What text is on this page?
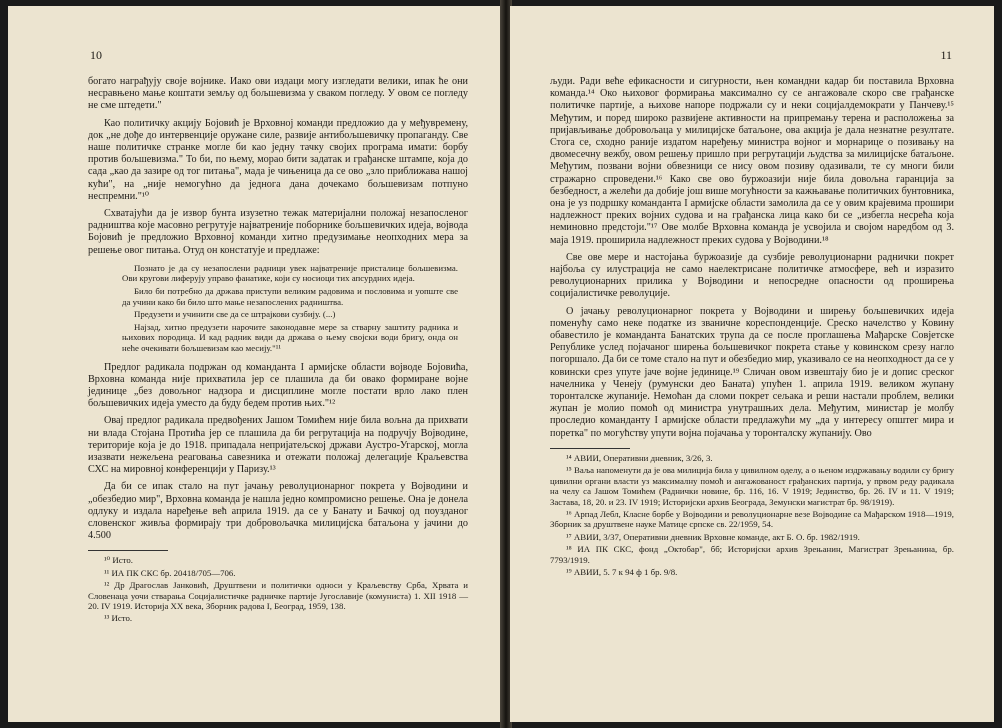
10

богато награђују своје војнике. Иако ови издаци могу изгледати велики, ипак ће они несравњено мање коштати земљу од бољшевизма у сваком погледу. У овом се погледу не сме штедети."

Као политичку акцију Бојовић је Врховној команди предложио да у међувремену, док „не дође до интервенције оружане силе, развије антибољшевичку пропаганду. Све наше политичке странке могле би као једну тачку својих програма имати: борбу против бољшевизма." То би, по њему, морао бити задатак и грађанске штампе, која до сада „као да зазире од тог питања", мада је чињеница да се ово „зло приближава нашој кући", на „није немогућно да једнога дана дочекамо бољшевизам потпуно неспремни."¹⁰

Схватајући да је извор бунта изузетно тежак материјални положај незапосленог радништва које масовно регрутује најватреније поборнике бољшевичких идеја, војвода Бојовић је предложио Врховној команди хитно предузимање неопходних мера за решење овог питања. Отуд он констатује и предлаже:

Познато је да су незапослени радници увек најватреније присталице бољшевизма. Ови кругови лиферују управо фанатике, који су носиоци тих апсурдних идеја.

Било би потребно да држава приступи великим радовима и пословима и уопште све да учини како би било што мање незапослених радништва.

Предузети и учинити све да се штрајкови сузбију. (...)

Најзад, хитно предузети нарочите законодавне мере за стварну заштиту радника и њихових породица. И кад радник види да држава о њему својски води бригу, онда он неће очекивати бољшевизам као месију."¹¹

Предлог радикала подржан од команданта I армијске области војводе Бојовића, Врховна команда није прихватила јер се плашила да би овако формиране војне јединице „без довољног надзора и дисциплине могле постати врло лако плен бољшевичких идеја уместо да буду бедем против њих."¹²

Овај предлог радикала предвођених Јашом Томићем није била вољна да прихвати ни влада Стојана Протића јер се плашила да би регрутација на подручју Војводине, територије која је до 1918. припадала непријатељској држави Аустро-Угарској, могла изазвати нежељена реаговања савезника и отежати положај делегације Краљевства СХС на мировној конференцији у Паризу.¹³

Да би се ипак стало на пут јачању револуционарног покрета у Војводини и „обезбедио мир", Врховна команда је нашла једно компромисно решење. Она је донела одлуку и издала наређење већ априла 1919. да се у Банату и Бачкој од поузданог словенског живља формирају три добровољачка милицијска батаљона у јачини до 4.500

¹⁰ Исто.

¹¹ ИА ПК СКС бр. 20418/705—706.

¹² Др Драгослав Јанковић, Друштвени и политички односи у Краљевству Срба, Хрвата и Словенаца уочи стварања Социјалистичке радничке партије Југославије (комуниста) 1. XII 1918 — 20. IV 1919. Историја XX века, Зборник радова I, Београд, 1959, 138.

¹³ Исто.

11

људи. Ради веће ефикасности и сигурности, њен командни кадар би поставила Врховна команда.¹⁴ Око њиховог формирања максимално су се ангажовале скоро све грађанске политичке партије, а њихове напоре подржали су и неки социјалдемократи у Панчеву.¹⁵ Међутим, и поред широко развијене активности на припремању терена и расположења за пријављивање добровољаца у милицијске батаљоне, ова акција је дала незнатне резултате. Стога се, сходно раније издатом наређењу министра војног и морнарице о позивању на двомесечну вежбу, овом решењу пришло при регрутацији људства за милицијске батаљоне. Међутим, позвани војни обвезници се нису овом позиву одазивали, те су многи били стражарно спроведени.¹⁶ Како све ово буржоазији није била довољна гаранција за безбедност, а желећи да добије још више могућности за кажњавање политичких бунтовника, она је уз подршку команданта I армијске области замолила да се у овим крајевима прошири надлежност преких војних судова и на грађанска лица како би се „избегла несрећа која неминовно предстоји."¹⁷ Ове молбе Врховна команда је усвојила и својом наредбом од 3. маја 1919. проширила надлежност преких судова у Војводини.¹⁸

Све ове мере и настојања буржоазије да сузбије револуционарни раднички покрет најбоља су илустрација не само наелектрисане политичке атмосфере, већ и изразито револуционарних прилика у Војводини и непосредне опасности од проширења социјалистичке револуције.

О јачању револуционарног покрета у Војводини и ширењу бољшевичких идеја поменућу само неке податке из званичне кореспонденције. Среско начелство у Ковину обавестило је команданта Банатских трупа да се после проглашења Мађарске Совјетске Републике услед појачаног ширења бољшевичког покрета стање у ковинском срезу нагло погоршало. Да би се томе стало на пут и обезбедио мир, указивало се на неопходност да се у ковински срез упуте јаче војне јединице.¹⁹ Сличан овом извештају био је и допис среског начелника у Ченеју (румунски део Баната) упућен 1. априла 1919. великом жупану торонталске жупаније. Немоћан да сломи покрет сељака и реши настали проблем, велики жупан је молио помоћ од министра унутрашњих дела. Међутим, министар је молбу проследио команданту I армијске области предлажући му „да у интересу општег мира и поретка" по могућству упути војна појачања у торонталску жупанију. Ово

¹⁴ АВИИ, Оперативни дневник, 3/26, 3.

¹⁵ Ваља напоменути да је ова милиција била у цивилном оделу, а о њеном издржавању водили су бригу цивилни органи власти уз максималну помоћ и ангажованост грађанских партија, у првом реду радикала на челу са Јашом Томићем (Раднички новине, бр. 116, 16. V 1919; Јединство, бр. 26. IV и 11. V 1919; Застава, 18, 20. и 23. IV 1919; Историјски архив Београда, Земунски магистрат бр. 98/1919).

¹⁶ Арпад Лебл, Класне борбе у Војводини и револуционарне везе Војводине са Мађарском 1918—1919, Зборник за друштвене науке Матице српске св. 22/1959, 54.

¹⁷ АВИИ, 3/37, Оперативни дневник Врховне команде, акт Б. О. бр. 1982/1919.

¹⁸ ИА ПК СКС, фонд „Октобар", бб; Историјски архив Зрењанин, Магистрат Зрењанина, бр. 7793/1919.

¹⁹ АВИИ, 5. 7 к 94 ф 1 бр. 9/8.
